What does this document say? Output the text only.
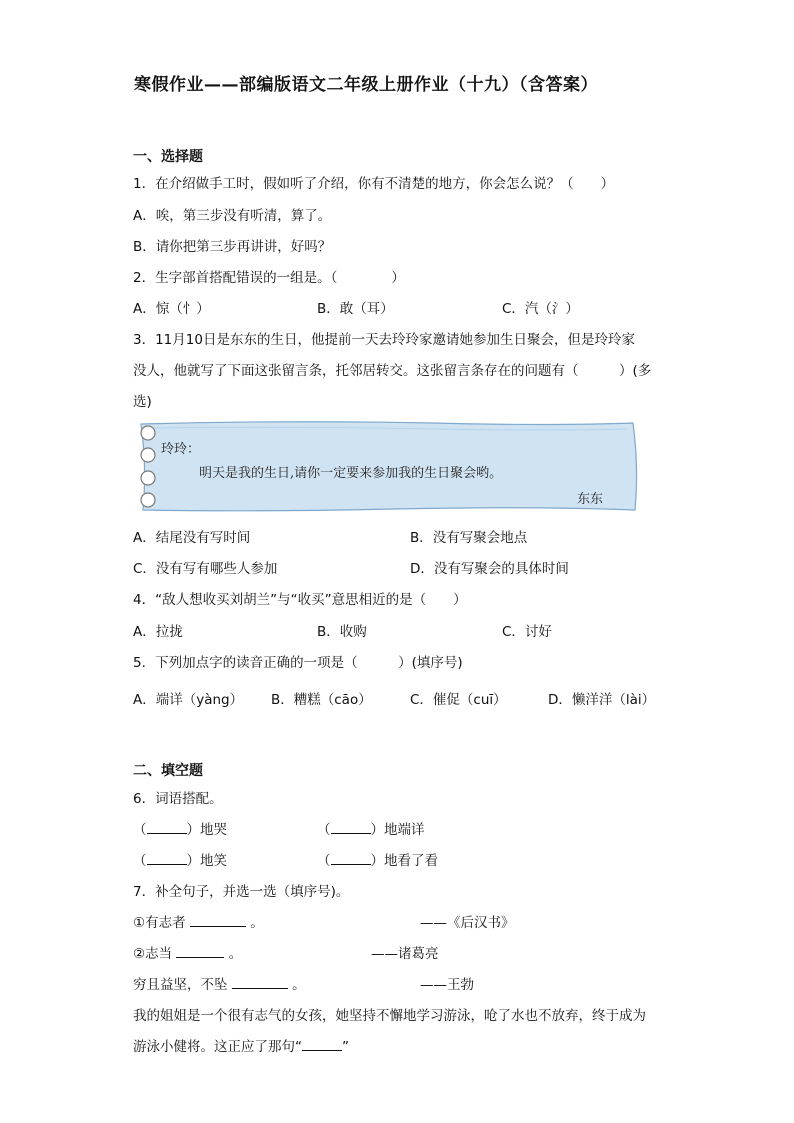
寒假作业——部编版语文二年级上册作业（十九）（含答案）
一、选择题
1．在介绍做手工时，假如听了介绍，你有不清楚的地方，你会怎么说？（　　）
A．唉，第三步没有听清，算了。
B．请你把第三步再讲讲，好吗？
2．生字部首搭配错误的一组是。（　　　　）
A．惊（忄）	B．敢（耳）	C．汽（氵）
3．11月10日是东东的生日，他提前一天去玲玲家邀请她参加生日聚会，但是玲玲家
没人，他就写了下面这张留言条，托邻居转交。这张留言条存在的问题有（　　　）(多
选)
玲玲：
明天是我的生日,请你一定要来参加我的生日聚会哟。
东东
A．结尾没有写时间	B．没有写聚会地点
C．没有写有哪些人参加	D．没有写聚会的具体时间
4．“敌人想收买刘胡兰”与“收买”意思相近的是（　　）
A．拉拢	B．收购	C．讨好
5．下列加点字的读音正确的一项是（　　　）(填序号)
A．端详（yàng） B．糟糕（cāo）	C．催促（cuī）	D．懒洋洋（lài）
二、填空题
6．词语搭配。
（	）地哭	（	）地端详
（	）地笑	（	）地看了看
7．补全句子，并选一选（填序号)。
①有志者	。	——《后汉书》
②志当	。	——诸葛亮
穷且益坚，不坠	。	——王勃
我的姐姐是一个很有志气的女孩，她坚持不懈地学习游泳，呛了水也不放弃，终于成为
游泳小健将。这正应了那句“	”
